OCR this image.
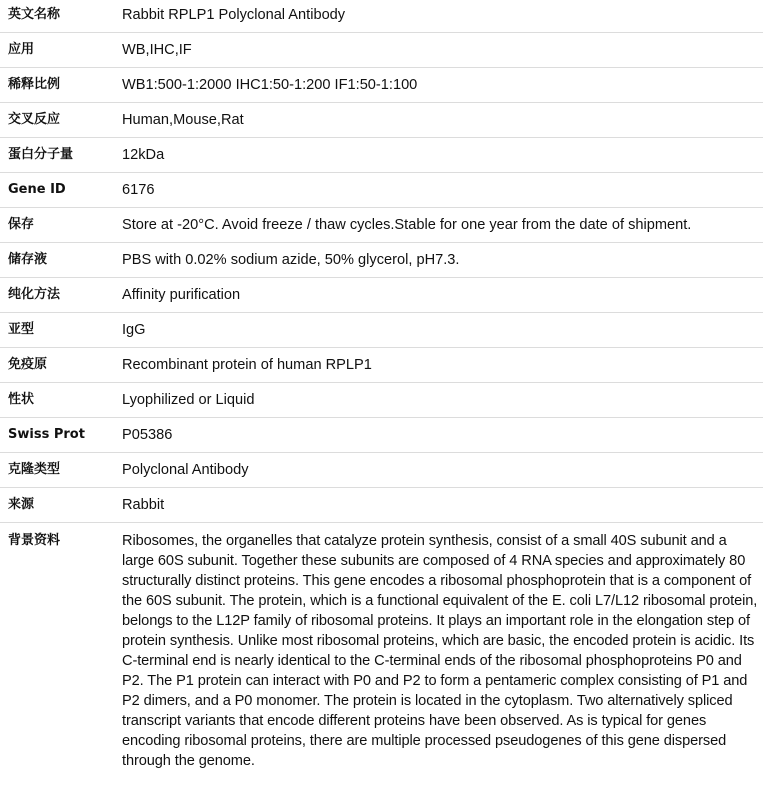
英文名称	Rabbit RPLP1 Polyclonal Antibody
应用	WB,IHC,IF
稀释比例	WB1:500-1:2000 IHC1:50-1:200 IF1:50-1:100
交叉反应	Human,Mouse,Rat
蛋白分子量	12kDa
Gene ID	6176
保存	Store at -20°C. Avoid freeze / thaw cycles.Stable for one year from the date of shipment.
储存液	PBS with 0.02% sodium azide, 50% glycerol, pH7.3.
纯化方法	Affinity purification
亚型	IgG
免疫原	Recombinant protein of human RPLP1
性状	Lyophilized or Liquid
Swiss Prot	P05386
克隆类型	Polyclonal Antibody
来源	Rabbit
背景资料	Ribosomes, the organelles that catalyze protein synthesis, consist of a small 40S subunit and a large 60S subunit. Together these subunits are composed of 4 RNA species and approximately 80 structurally distinct proteins. This gene encodes a ribosomal phosphoprotein that is a component of the 60S subunit. The protein, which is a functional equivalent of the E. coli L7/L12 ribosomal protein, belongs to the L12P family of ribosomal proteins. It plays an important role in the elongation step of protein synthesis. Unlike most ribosomal proteins, which are basic, the encoded protein is acidic. Its C-terminal end is nearly identical to the C-terminal ends of the ribosomal phosphoproteins P0 and P2. The P1 protein can interact with P0 and P2 to form a pentameric complex consisting of P1 and P2 dimers, and a P0 monomer. The protein is located in the cytoplasm. Two alternatively spliced transcript variants that encode different proteins have been observed. As is typical for genes encoding ribosomal proteins, there are multiple processed pseudogenes of this gene dispersed through the genome.
